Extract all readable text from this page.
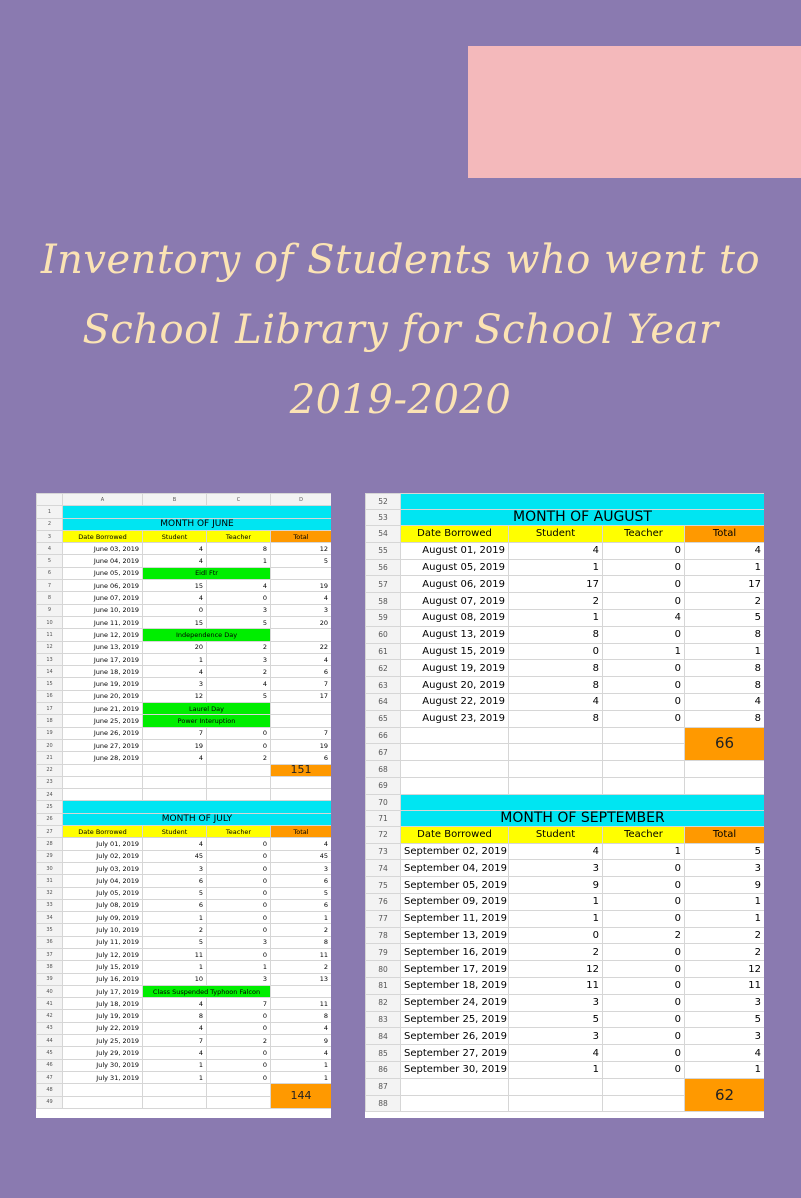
Inventory of Students who went to School Library for School Year 2019-2020
	A	B	C	D
1				
2	MONTH OF JUNE			
3	Date Borrowed	Student	Teacher	Total
4	June 03, 2019	4	8	12
5	June 04, 2019	4	1	5
6	June 05, 2019	Eidl Ftr		
7	June 06, 2019	15	4	19
8	June 07, 2019	4	0	4
9	June 10, 2019	0	3	3
10	June 11, 2019	15	5	20
11	June 12, 2019	Independence Day		
12	June 13, 2019	20	2	22
13	June 17, 2019	1	3	4
14	June 18, 2019	4	2	6
15	June 19, 2019	3	4	7
16	June 20, 2019	12	5	17
17	June 21, 2019	Laurel Day		
18	June 25, 2019	Power Interuption		
19	June 26, 2019	7	0	7
20	June 27, 2019	19	0	19
21	June 28, 2019	4	2	6
22				151
23				
24				
25				
26	MONTH OF JULY			
27	Date Borrowed	Student	Teacher	Total
28	July 01, 2019	4	0	4
29	July 02, 2019	45	0	45
30	July 03, 2019	3	0	3
31	July 04, 2019	6	0	6
32	July 05, 2019	5	0	5
33	July 08, 2019	6	0	6
34	July 09, 2019	1	0	1
35	July 10, 2019	2	0	2
36	July 11, 2019	5	3	8
37	July 12, 2019	11	0	11
38	July 15, 2019	1	1	2
39	July 16, 2019	10	3	13
40	July 17, 2019	Class Suspended Typhoon Falcon		
41	July 18, 2019	4	7	11
42	July 19, 2019	8	0	8
43	July 22, 2019	4	0	4
44	July 25, 2019	7	2	9
45	July 29, 2019	4	0	4
46	July 30, 2019	1	0	1
47	July 31, 2019	1	0	1
48				144
49				
52				
53	MONTH OF AUGUST			
54	Date Borrowed	Student	Teacher	Total
55	August 01, 2019	4	0	4
56	August 05, 2019	1	0	1
57	August 06, 2019	17	0	17
58	August 07, 2019	2	0	2
59	August 08, 2019	1	4	5
60	August 13, 2019	8	0	8
61	August 15, 2019	0	1	1
62	August 19, 2019	8	0	8
63	August 20, 2019	8	0	8
64	August 22, 2019	4	0	4
65	August 23, 2019	8	0	8
66				66
67				
68				
69				
70				
71	MONTH OF SEPTEMBER			
72	Date Borrowed	Student	Teacher	Total
73	September 02, 2019	4	1	5
74	September 04, 2019	3	0	3
75	September 05, 2019	9	0	9
76	September 09, 2019	1	0	1
77	September 11, 2019	1	0	1
78	September 13, 2019	0	2	2
79	September 16, 2019	2	0	2
80	September 17, 2019	12	0	12
81	September 18, 2019	11	0	11
82	September 24, 2019	3	0	3
83	September 25, 2019	5	0	5
84	September 26, 2019	3	0	3
85	September 27, 2019	4	0	4
86	September 30, 2019	1	0	1
87				62
88				
